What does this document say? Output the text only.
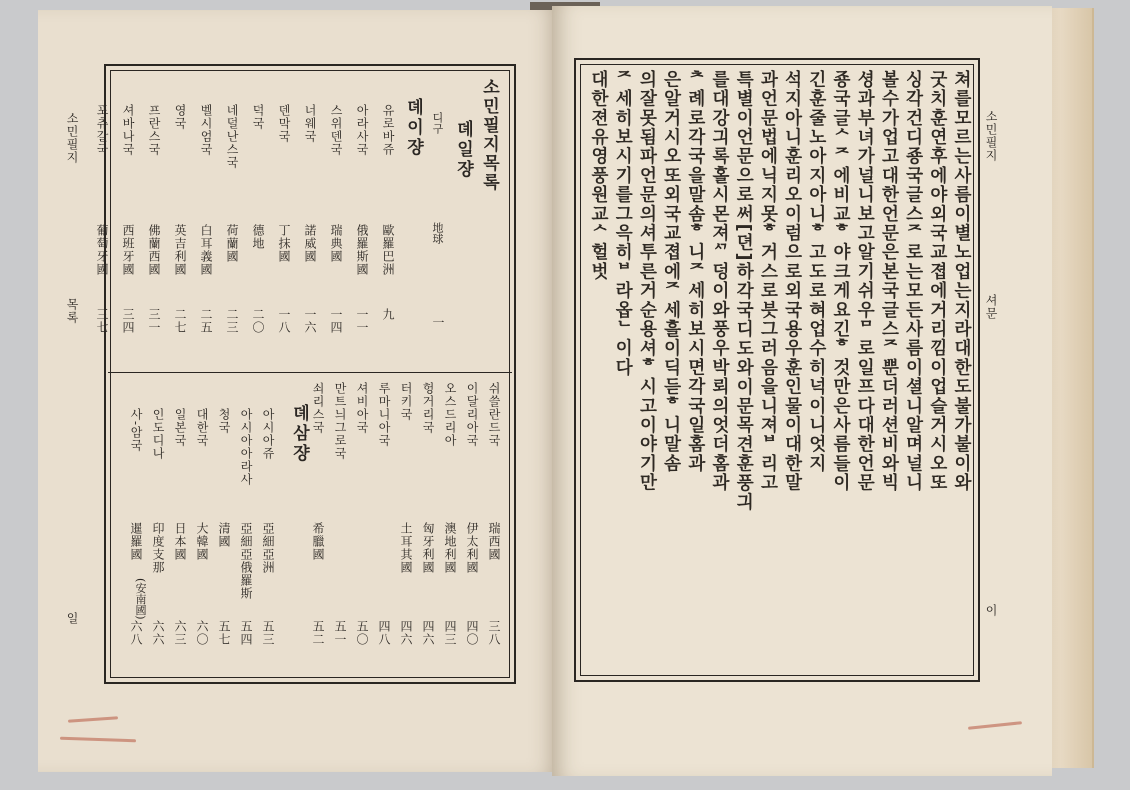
소민필지
목록
일
소민필지목록
뎨일쟝
디구
地球
一
뎨이쟝
뎨삼쟝
유로바쥬
歐羅巴洲
九
아라사국
俄羅斯國
一一
스위덴국
瑞典國
一四
너웨국
諾威國
一六
덴막국
丁抹國
一八
덕국
德地
二〇
네덜난스국
荷蘭國
二三
벨시엄국
白耳義國
二五
영국
英吉利國
二七
프란스국
佛蘭西國
三一
셔바나국
西班牙國
三四
포츄갈국
葡萄牙國
三七
쉬쓸란드국
瑞西國
三八
이달리아국
伊太利國
四〇
오스드리아
澳地利國
四三
헝거리국
匈牙利國
四六
터키국
土耳其國
四六
루마니아국
四八
셔비아국
五〇
만트늬그로국
五一
쇠리스국
希臘國
五二
아시아쥬
亞細亞洲
五三
아시아아라사
亞細亞俄羅斯
五四
청국
清國
五七
대한국
大韓國
六〇
일본국
日本國
六三
인도디나
印度支那
六六
사-암국
暹羅國
六八
(安南國)
쳐를모르는사름이별노업는지라대한도불가불이와
굿치훈연후에야외국교졉에거리낌이업슬거시오또
싱각건디죵국글스ᄌ로는모든사름이셜니알며널니
볼수가업고대한언문은본국글스ᄌ뿐더러션비와빅
셩과부녀가널니보고알기쉬우ᄆ로일프다대한언문
죵국글ᄉᄌ에비교ᄒ야크게요긴ᄒ것만은사름들이
긴훈줄노아지아니ᄒ고도로혀업수히넉이니엇지
석지아니훈리오이럼으로외국용우훈인물이대한말
과언문법에닉지못ᄒ거스로븟그러음을니져ᄇ리고
특별이언문으로써[뎐]하각국디도와이문목견훈풍긔
를대강긔록홀시몬져ᄭ덩이와풍우박뢰의엇더홈과
ᄎ례로각국을말솜ᄒ니ᄌ세히보시면각국일홈과
은알거시오또외국교졉에ᄌ세흘이딕듣ᄒ니말솜
의잘못됨파언문의셔투른거순용셔ᄒ시고이야기만
ᄌ세히보시기를그윽히ᄇ라옵ᄂ이다
대한젼유영풍원교ᄉ헐벗	소민필지
셔문
이
